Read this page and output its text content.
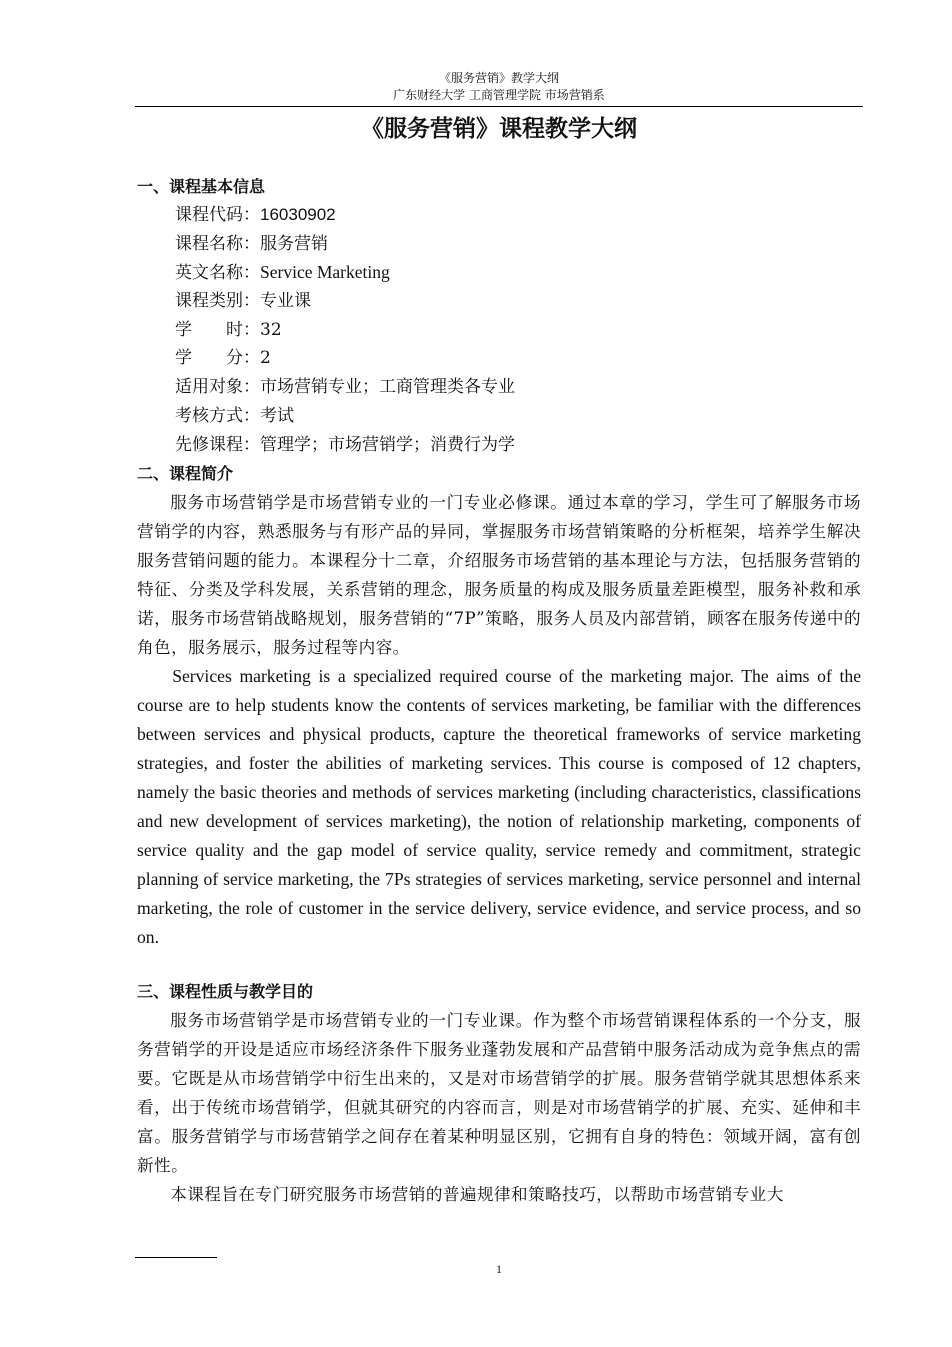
《服务营销》教学大纲
广东财经大学 工商管理学院 市场营销系
《服务营销》课程教学大纲
一、课程基本信息
课程代码：16030902
课程名称：服务营销
英文名称：Service Marketing
课程类别：专业课
学　　时：32
学　　分：2
适用对象：市场营销专业；工商管理类各专业
考核方式：考试
先修课程：管理学；市场营销学；消费行为学
二、课程简介

服务市场营销学是市场营销专业的一门专业必修课。通过本章的学习，学生可了解服务市场营销学的内容，熟悉服务与有形产品的异同，掌握服务市场营销策略的分析框架，培养学生解决服务营销问题的能力。本课程分十二章，介绍服务市场营销的基本理论与方法，包括服务营销的特征、分类及学科发展，关系营销的理念，服务质量的构成及服务质量差距模型，服务补救和承诺，服务市场营销战略规划，服务营销的“7P”策略，服务人员及内部营销，顾客在服务传递中的角色，服务展示，服务过程等内容。

Services marketing is a specialized required course of the marketing major. The aims of the course are to help students know the contents of services marketing, be familiar with the differences between services and physical products, capture the theoretical frameworks of service marketing strategies, and foster the abilities of marketing services. This course is composed of 12 chapters, namely the basic theories and methods of services marketing (including characteristics, classifications and new development of services marketing), the notion of relationship marketing, components of service quality and the gap model of service quality, service remedy and commitment, strategic planning of service marketing, the 7Ps strategies of services marketing, service personnel and internal marketing, the role of customer in the service delivery, service evidence, and service process, and so on.

三、课程性质与教学目的

服务市场营销学是市场营销专业的一门专业课。作为整个市场营销课程体系的一个分支，服务营销学的开设是适应市场经济条件下服务业蓬勃发展和产品营销中服务活动成为竞争焦点的需要。它既是从市场营销学中衍生出来的，又是对市场营销学的扩展。服务营销学就其思想体系来看，出于传统市场营销学，但就其研究的内容而言，则是对市场营销学的扩展、充实、延伸和丰富。服务营销学与市场营销学之间存在着某种明显区别，它拥有自身的特色：领域开阔，富有创新性。

本课程旨在专门研究服务市场营销的普遍规律和策略技巧，以帮助市场营销专业大

1
